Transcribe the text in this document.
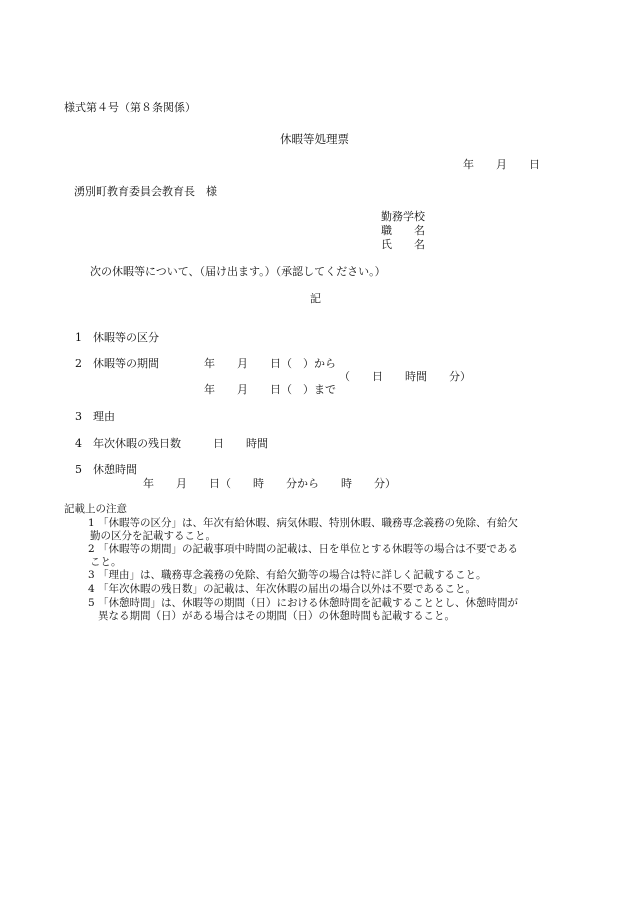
様式第４号（第８条関係）
休暇等処理票
年　　月　　日
湧別町教育委員会教育長　様
勤務学校
職　　名
氏　　名
次の休暇等について、（届け出ます。）（承認してください。）
記
1 休暇等の区分
2 休暇等の期間	年　　月　　日（　）から
（　　日　　時間　　分）
年　　月　　日（　）まで
3 理由
4 年次休暇の残日数	日　　時間
5 休憩時間
年　　月　　日（　　時　　分から　　時　　分）
記載上の注意
1 「休暇等の区分」は、年次有給休暇、病気休暇、特別休暇、職務専念義務の免除、有給欠
勤の区分を記載すること。
2 「休暇等の期間」の記載事項中時間の記載は、日を単位とする休暇等の場合は不要である
こと。
3 「理由」は、職務専念義務の免除、有給欠勤等の場合は特に詳しく記載すること。
4 「年次休暇の残日数」の記載は、年次休暇の届出の場合以外は不要であること。
5 「休憩時間」は、休暇等の期間（日）における休憩時間を記載することとし、休憩時間が
異なる期間（日）がある場合はその期間（日）の休憩時間も記載すること。
